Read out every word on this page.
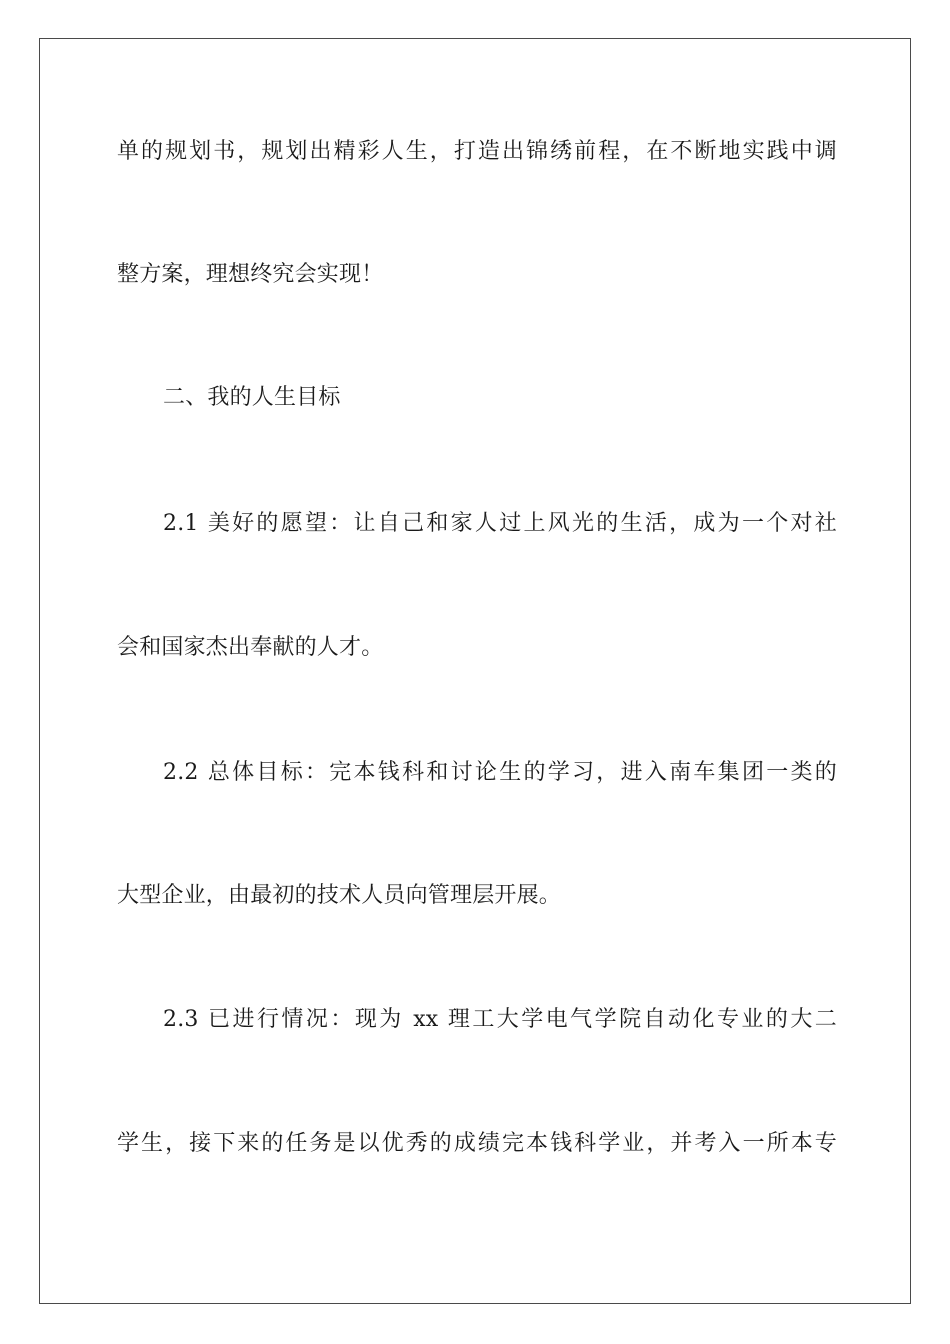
单的规划书，规划出精彩人生，打造出锦绣前程，在不断地实践中调
整方案，理想终究会实现！
二、我的人生目标
2.1 美好的愿望：让自己和家人过上风光的生活，成为一个对社
会和国家杰出奉献的人才。
2.2 总体目标：完本钱科和讨论生的学习，进入南车集团一类的
大型企业，由最初的技术人员向管理层开展。
2.3 已进行情况：现为 xx 理工大学电气学院自动化专业的大二
学生，接下来的任务是以优秀的成绩完本钱科学业，并考入一所本专
